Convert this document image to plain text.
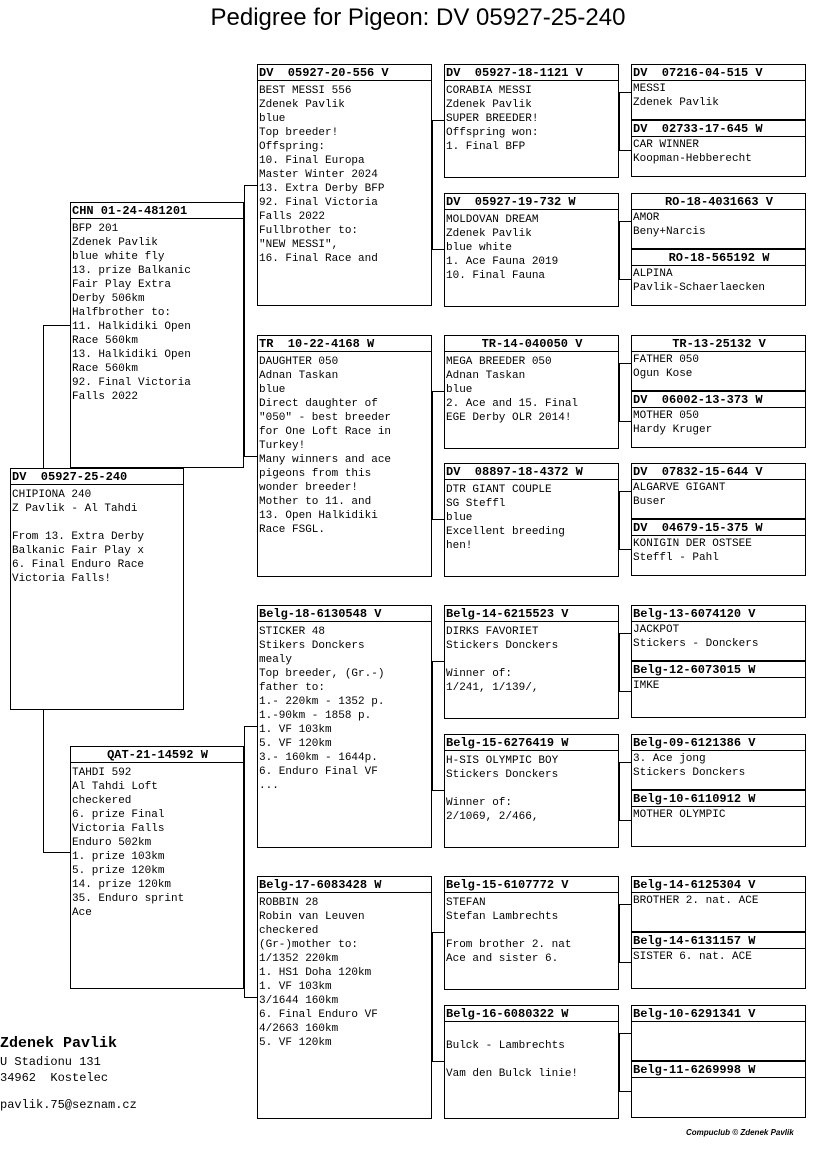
Pedigree for Pigeon: DV 05927-25-240
DV  05927-25-240
CHIPIONA 240
Z Pavlik - Al Tahdi
From 13. Extra Derby
Balkanic Fair Play x
6. Final Enduro Race
Victoria Falls!
CHN 01-24-481201
BFP 201
Zdenek Pavlik
blue white fly
13. prize Balkanic
Fair Play Extra
Derby 506km
Halfbrother to:
11. Halkidiki Open
Race 560km
13. Halkidiki Open
Race 560km
92. Final Victoria
Falls 2022
QAT-21-14592 W
TAHDI 592
Al Tahdi Loft
checkered
6. prize Final
Victoria Falls
Enduro 502km
1. prize 103km
5. prize 120km
14. prize 120km
35. Enduro sprint
Ace
DV  05927-20-556 V
BEST MESSI 556
Zdenek Pavlik
blue
Top breeder!
Offspring:
10. Final Europa
Master Winter 2024
13. Extra Derby BFP
92. Final Victoria
Falls 2022
Fullbrother to:
"NEW MESSI",
16. Final Race and
TR  10-22-4168 W
DAUGHTER 050
Adnan Taskan
blue
Direct daughter of
"050" - best breeder
for One Loft Race in
Turkey!
Many winners and ace
pigeons from this
wonder breeder!
Mother to 11. and
13. Open Halkidiki
Race FSGL.
Belg-18-6130548 V
STICKER 48
Stikers Donckers
mealy
Top breeder, (Gr.-)
father to:
1.- 220km - 1352 p.
1.-90km - 1858 p.
1. VF 103km
5. VF 120km
3.- 160km - 1644p.
6. Enduro Final VF
...
Belg-17-6083428 W
ROBBIN 28
Robin van Leuven
checkered
(Gr-)mother to:
1/1352 220km
1. HS1 Doha 120km
1. VF 103km
3/1644 160km
6. Final Enduro VF
4/2663 160km
5. VF 120km
DV  05927-18-1121 V
CORABIA MESSI
Zdenek Pavlik
SUPER BREEDER!
Offspring won:
1. Final BFP
DV  05927-19-732 W
MOLDOVAN DREAM
Zdenek Pavlik
blue white
1. Ace Fauna 2019
10. Final Fauna
TR-14-040050 V
MEGA BREEDER 050
Adnan Taskan
blue
2. Ace and 15. Final
EGE Derby OLR 2014!
DV  08897-18-4372 W
DTR GIANT COUPLE
SG Steffl
blue
Excellent breeding
hen!
Belg-14-6215523 V
DIRKS FAVORIET
Stickers Donckers
Winner of:
1/241, 1/139/,
Belg-15-6276419 W
H-SIS OLYMPIC BOY
Stickers Donckers
Winner of:
2/1069, 2/466,
Belg-15-6107772 V
STEFAN
Stefan Lambrechts
From brother 2. nat
Ace and sister 6.
Belg-16-6080322 W
Bulck - Lambrechts
Vam den Bulck linie!
DV  07216-04-515 V
MESSI
Zdenek Pavlik
DV  02733-17-645 W
CAR WINNER
Koopman-Hebberecht
RO-18-4031663 V
AMOR
Beny+Narcis
RO-18-565192 W
ALPINA
Pavlik-Schaerlaecken
TR-13-25132 V
FATHER 050
Ogun Kose
DV  06002-13-373 W
MOTHER 050
Hardy Kruger
DV  07832-15-644 V
ALGARVE GIGANT
Buser
DV  04679-15-375 W
KONIGIN DER OSTSEE
Steffl - Pahl
Belg-13-6074120 V
JACKPOT
Stickers - Donckers
Belg-12-6073015 W
IMKE
Belg-09-6121386 V
3. Ace jong
Stickers Donckers
Belg-10-6110912 W
MOTHER OLYMPIC
Belg-14-6125304 V
BROTHER 2. nat. ACE
Belg-14-6131157 W
SISTER 6. nat. ACE
Belg-10-6291341 V
Belg-11-6269998 W
Zdenek Pavlik
U Stadionu 131
34962  Kostelec
pavlik.75@seznam.cz
Compuclub © Zdenek Pavlik
